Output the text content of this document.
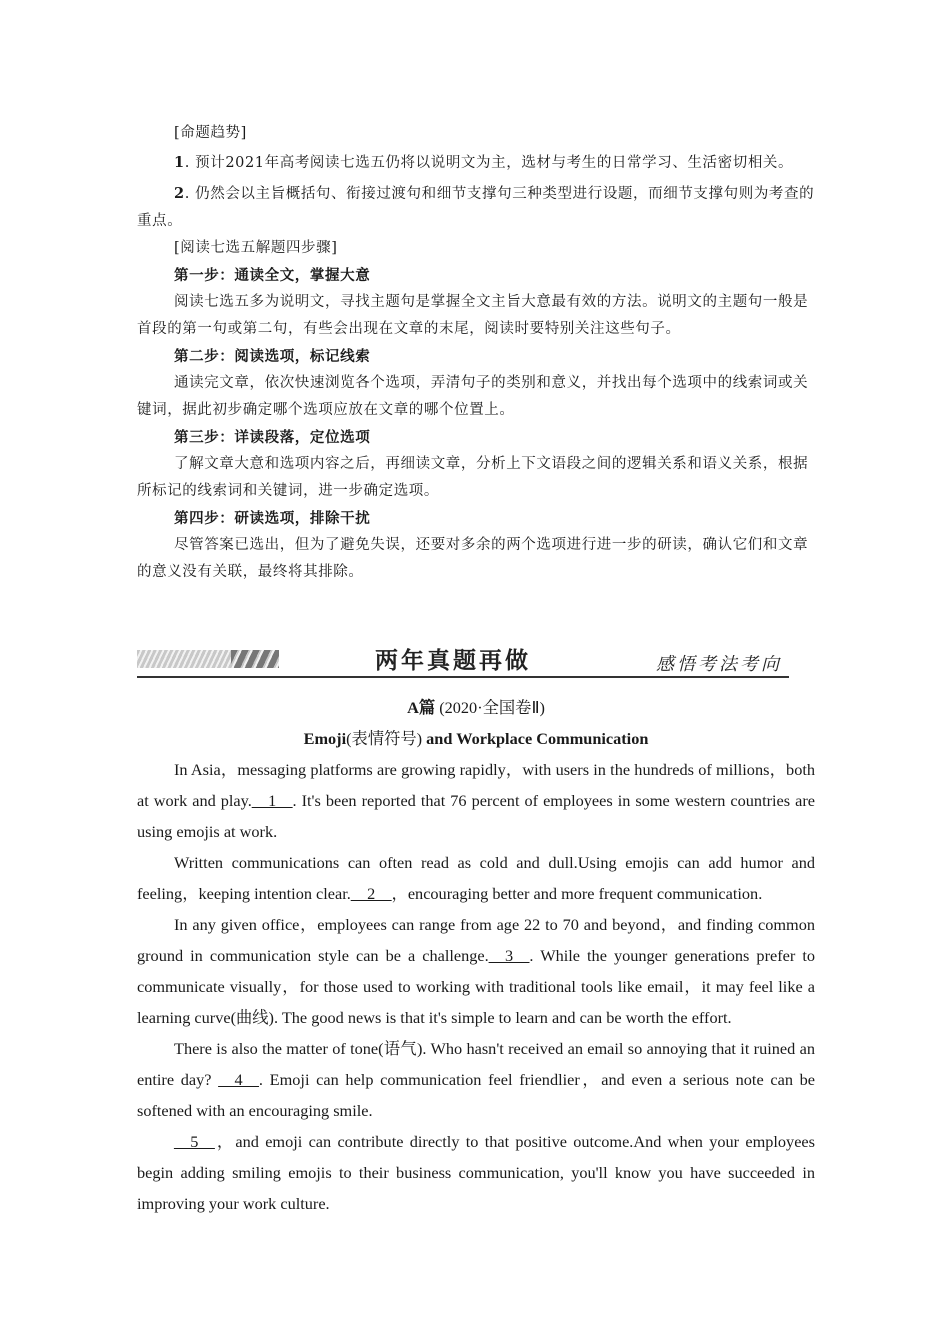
[命题趋势]

1. 预计2021年高考阅读七选五仍将以说明文为主，选材与考生的日常学习、生活密切相关。

2. 仍然会以主旨概括句、衔接过渡句和细节支撑句三种类型进行设题，而细节支撑句则为考查的重点。

[阅读七选五解题四步骤]

第一步：通读全文，掌握大意

阅读七选五多为说明文，寻找主题句是掌握全文主旨大意最有效的方法。说明文的主题句一般是首段的第一句或第二句，有些会出现在文章的末尾，阅读时要特别关注这些句子。

第二步：阅读选项，标记线索

通读完文章，依次快速浏览各个选项，弄清句子的类别和意义，并找出每个选项中的线索词或关键词，据此初步确定哪个选项应放在文章的哪个位置上。

第三步：详读段落，定位选项

了解文章大意和选项内容之后，再细读文章，分析上下文语段之间的逻辑关系和语义关系，根据所标记的线索词和关键词，进一步确定选项。

第四步：研读选项，排除干扰

尽管答案已选出，但为了避免失误，还要对多余的两个选项进行进一步的研读，确认它们和文章的意义没有关联，最终将其排除。

两年真题再做	感悟考法考向

A篇 (2020·全国卷Ⅱ)

Emoji(表情符号) and Workplace Communication

In Asia，messaging platforms are growing rapidly，with users in the hundreds of millions，both at work and play.__1__. It's been reported that 76 percent of employees in some western countries are using emojis at work.

Written communications can often read as cold and dull.Using emojis can add humor and feeling，keeping intention clear.__2__，encouraging better and more frequent communication.

In any given office，employees can range from age 22 to 70 and beyond，and finding common ground in communication style can be a challenge.__3__. While the younger generations prefer to communicate visually，for those used to working with traditional tools like email，it may feel like a learning curve(曲线). The good news is that it's simple to learn and can be worth the effort.

There is also the matter of tone(语气). Who hasn't received an email so annoying that it ruined an entire day? __4__. Emoji can help communication feel friendlier，and even a serious note can be softened with an encouraging smile.

__5__，and emoji can contribute directly to that positive outcome.And when your employees begin adding smiling emojis to their business communication, you'll know you have succeeded in improving your work culture.
